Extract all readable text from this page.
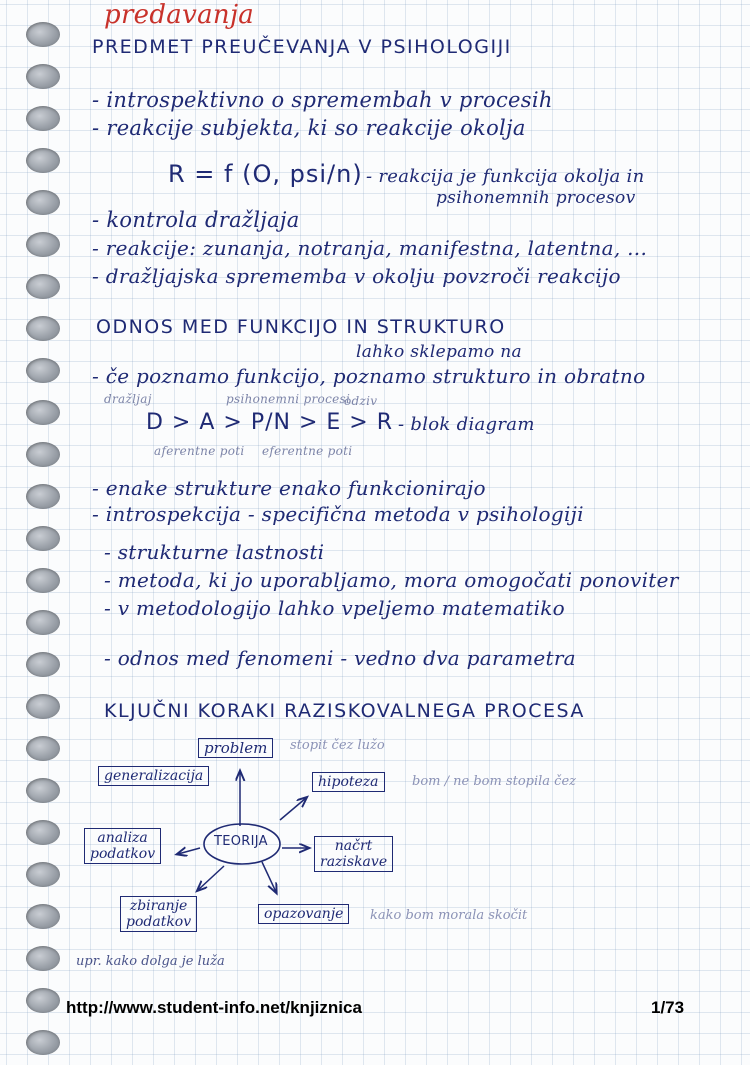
predavanja
PREDMET PREUČEVANJA V PSIHOLOGIJI
- introspektivno o spremembah v procesih
- reakcije subjekta, ki so reakcije okolja
R = f (O, psi/n) - reakcija je funkcija okolja in
psihonemnih procesov
- kontrola dražljaja
- reakcije: zunanja, notranja, manifestna, latentna, ...
- dražljajska sprememba v okolju povzroči reakcijo
ODNOS MED FUNKCIJO IN STRUKTURO
lahko sklepamo na
- če poznamo funkcijo, poznamo strukturo in obratno
dražljaj	psihonemni procesi
odziv
D > A > P/N > E > R - blok diagram
aferentne poti eferentne poti
- enake strukture enako funkcionirajo
- introspekcija - specifična metoda v psihologiji
- strukturne lastnosti
- metoda, ki jo uporabljamo, mora omogočati ponoviter
- v metodologijo lahko vpeljemo matematiko
- odnos med fenomeni - vedno dva parametra
KLJUČNI KORAKI RAZISKOVALNEGA PROCESA
problem	stopit čez lužo
generalizacija	hipoteza	bom / ne bom stopila čez
TEORIJA
analiza
podatkov	načrt
raziskave
zbiranje
podatkov	opazovanje	kako bom morala skočit
upr. kako dolga je luža
http://www.student-info.net/knjiznica	1/73
